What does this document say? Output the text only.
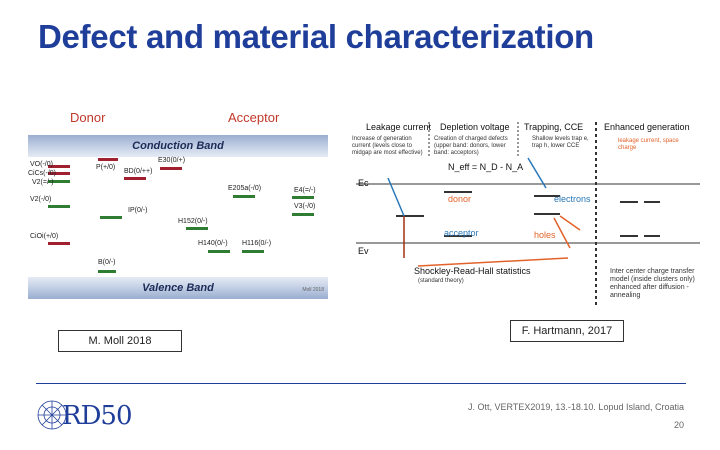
Defect and material characterization
Donor	Acceptor
Conduction Band
Valence Band
VO(-/0)
CiCs(-/0)
V2(=/-)
P(+/0)
E30(0/+)
BD(0/++)
V2(-/0)
E205a(-/0)	E4(=/-)
V3(-/0)
IP(0/-)
H152(0/-)
CiOi(+/0)
H140(0/-) H116(0/-)
B(0/-)
Moll 2018
Leakage current Depletion voltage Trapping, CCE Enhanced generation
Increase of generation current (levels close to midgap are most effective)
Creation of charged defects (upper band: donors, lower band: acceptors)
Shallow levels trap e, trap h, lower CCE
leakage current, space charge
N_eff = N_D - N_A
Ec
Ev
donor
acceptor
electrons
holes
Shockley-Read-Hall statistics
(standard theory)
Inter center charge transfer model (inside clusters only) enhanced after diffusion - annealing
M. Moll 2018
F. Hartmann, 2017
RD50	J. Ott, VERTEX2019, 13.-18.10. Lopud Island, Croatia
20
